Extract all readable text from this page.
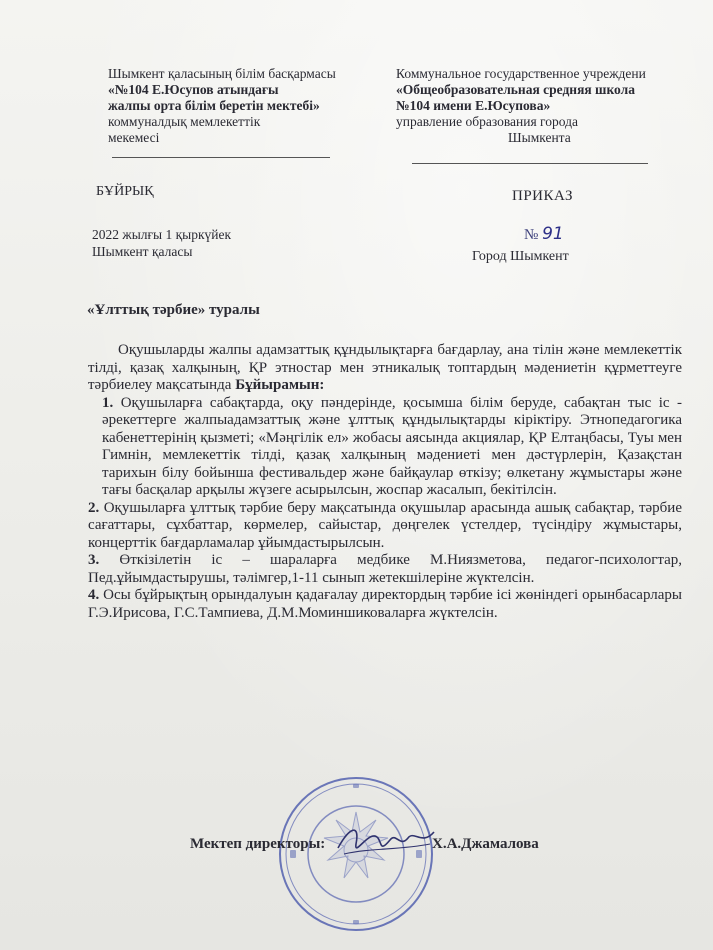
Шымкент қаласының білім басқармасы
«№104 Е.Юсупов атындағы
жалпы орта білім беретін мектебі»
коммуналдық мемлекеттік
мекемесі
Коммунальное государственное учреждени
«Общеобразовательная средняя школа
№104 имени Е.Юсупова»
управление образования города
Шымкента
БҰЙРЫҚ	ПРИКАЗ
2022 жылғы 1 қыркүйек
Шымкент қаласы
№ 91
Город Шымкент
«Ұлттық тәрбие» туралы

Оқушыларды жалпы адамзаттық құндылықтарға бағдарлау, ана тілін және мемлекеттік тілді, қазақ халқының, ҚР этностар мен этникалық топтардың мәдениетін құрметтеуге тәрбиелеу мақсатында Бұйырамын:

1. Оқушыларға сабақтарда, оқу пәндерінде, қосымша білім беруде, сабақтан тыс іс - әрекеттерге жалпыадамзаттық және ұлттық құндылықтарды кіріктіру. Этнопедагогика кабенеттерінің қызметі; «Мәңгілік ел» жобасы аясында акциялар, ҚР Елтаңбасы, Туы мен Гимнін, мемлекеттік тілді, қазақ халқының мәдениеті мен дәстүрлерін, Қазақстан тарихын білу бойынша фестивальдер және байқаулар өткізу; өлкетану жұмыстары және тағы басқалар арқылы жүзеге асырылсын, жоспар жасалып, бекітілсін.

2. Оқушыларға ұлттық тәрбие беру мақсатында оқушылар арасында ашық сабақтар, тәрбие сағаттары, сұхбаттар, көрмелер, сайыстар, дөңгелек үстелдер, түсіндіру жұмыстары, концерттік бағдарламалар ұйымдастырылсын.

3. Өткізілетін іс – шараларға медбике М.Ниязметова, педагог-психологтар, Пед.ұйымдастырушы, тәлімгер,1-11 сынып жетекшілеріне жүктелсін.

4. Осы бұйрықтың орындалуын қадағалау директордың тәрбие ісі жөніндегі орынбасарлары Г.Э.Ирисова, Г.С.Тампиева, Д.М.Моминшиковаларға жүктелсін.

Мектеп директоры:	Х.А.Джамалова
